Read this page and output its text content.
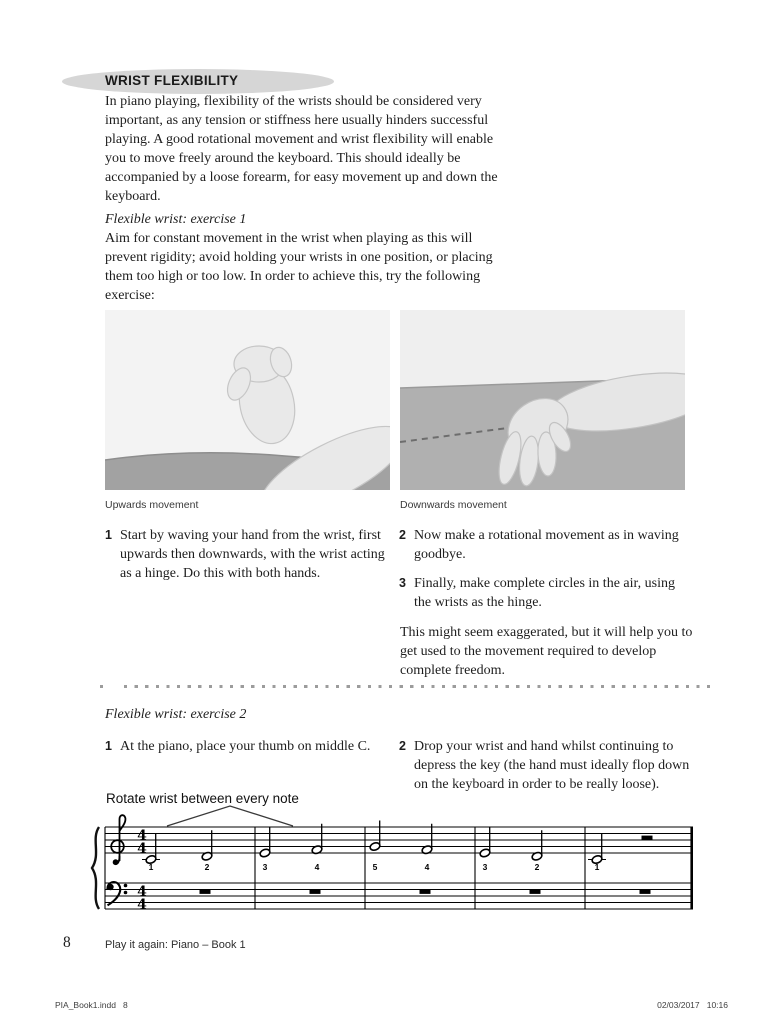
WRIST FLEXIBILITY

In piano playing, flexibility of the wrists should be considered very important, as any tension or stiffness here usually hinders successful playing. A good rotational movement and wrist flexibility will enable you to move freely around the keyboard. This should ideally be accompanied by a loose forearm, for easy movement up and down the keyboard.

Flexible wrist: exercise 1

Aim for constant movement in the wrist when playing as this will prevent rigidity; avoid holding your wrists in one position, or placing them too high or too low. In order to achieve this, try the following exercise:

Upwards movement	Downwards movement

1 Start by waving your hand from the wrist, first upwards then downwards, with the wrist acting as a hinge. Do this with both hands.
2 Now make a rotational movement as in waving goodbye.
3 Finally, make complete circles in the air, using the wrists as the hinge.

This might seem exaggerated, but it will help you to get used to the movement required to develop complete freedom.

Flexible wrist: exercise 2
1 At the piano, place your thumb on middle C. 2 Drop your wrist and hand whilst continuing to depress the key (the hand must ideally flop down on the keyboard in order to be really loose).

Rotate wrist between every note

4
4
4
4
1	2	3	4	5	4	3	2	1
8	Play it again: Piano – Book 1
PIA_Book1.indd   8	02/03/2017   10:16
